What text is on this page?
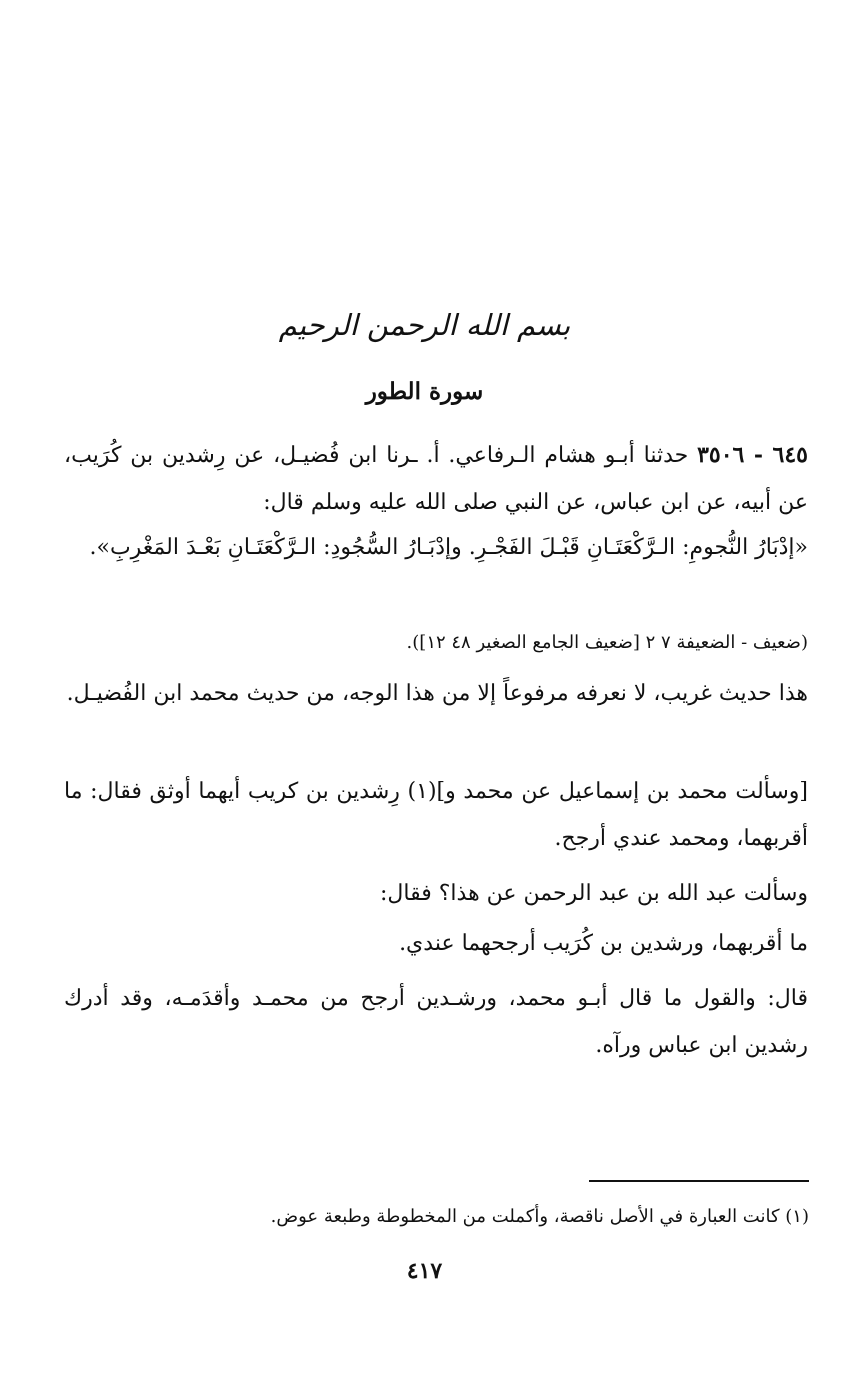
بسم الله الرحمن الرحيم
سورة الطور

٦٤٥ - ٣٥٠٦ حدثنا أبـو هشام الـرفاعي. أ. ـرنا ابن فُضيـل، عن رِشدين بن كُرَيب، عن أبيه، عن ابن عباس، عن النبي صلى الله عليه وسلم قال:

«إدْبَارُ النُّجومِ: الـرَّكْعَتَـانِ قَبْـلَ الفَجْـرِ. وإدْبَـارُ السُّجُودِ: الـرَّكْعَتَـانِ بَعْـدَ المَغْرِبِ».

(ضعيف - الضعيفة ٧ ٢ [ضعيف الجامع الصغير ٤٨ ١٢]).

هذا حديث غريب، لا نعرفه مرفوعاً إلا من هذا الوجه، من حديث محمد ابن الفُضيـل.

[وسألت محمد بن إسماعيل عن محمد و](١) رِشدين بن كريب أيهما أوثق فقال: ما أقربهما، ومحمد عندي أرجح.

وسألت عبد الله بن عبد الرحمن عن هذا؟ فقال:

ما أقربهما، ورشدين بن كُرَيب أرجحهما عندي.

قال: والقول ما قال أبـو محمد، ورشـدين أرجح من محمـد وأقدَمـه، وقد أدرك رشدين ابن عباس ورآه.

(١) كانت العبارة في الأصل ناقصة، وأكملت من المخطوطة وطبعة عوض.
٤١٧
